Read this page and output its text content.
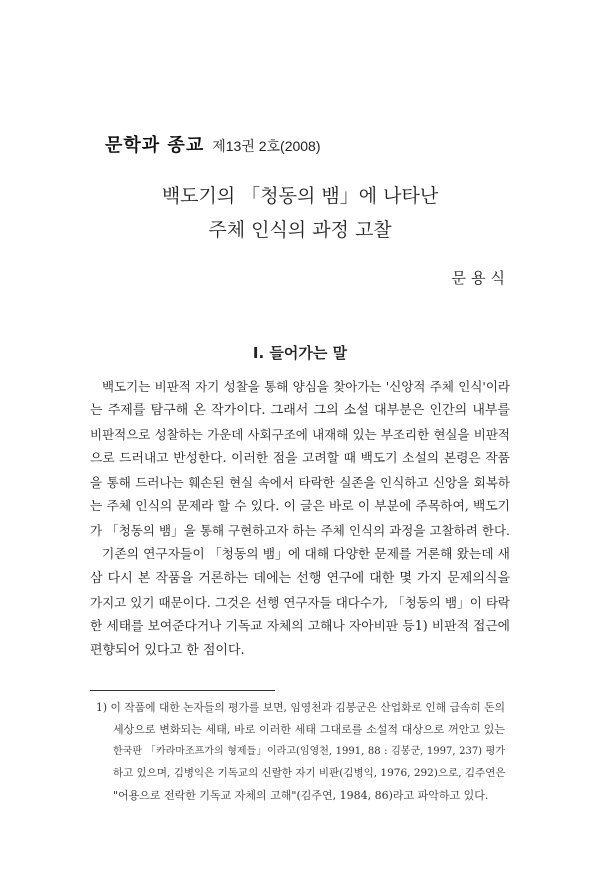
문학과 종교 제13권 2호(2008)
백도기의 「청동의 뱀」에 나타난
주체 인식의 과정 고찰
문용식
Ⅰ. 들어가는 말
백도기는 비판적 자기 성찰을 통해 양심을 찾아가는 '신앙적 주체 인식'이라
는 주제를 탐구해 온 작가이다. 그래서 그의 소설 대부분은 인간의 내부를
비판적으로 성찰하는 가운데 사회구조에 내재해 있는 부조리한 현실을 비판적
으로 드러내고 반성한다. 이러한 점을 고려할 때 백도기 소설의 본령은 작품
을 통해 드러나는 훼손된 현실 속에서 타락한 실존을 인식하고 신앙을 회복하
는 주체 인식의 문제라 할 수 있다. 이 글은 바로 이 부분에 주목하여, 백도기
가 「청동의 뱀」을 통해 구현하고자 하는 주체 인식의 과정을 고찰하려 한다.
기존의 연구자들이 「청동의 뱀」에 대해 다양한 문제를 거론해 왔는데 새
삼 다시 본 작품을 거론하는 데에는 선행 연구에 대한 몇 가지 문제의식을
가지고 있기 때문이다. 그것은 선행 연구자들 대다수가, 「청동의 뱀」이 타락
한 세태를 보여준다거나 기독교 자체의 고해나 자아비판 등1) 비판적 접근에
편향되어 있다고 한 점이다.
1) 이 작품에 대한 논자들의 평가를 보면, 임영천과 김봉군은 산업화로 인해 급속히 돈의
세상으로 변화되는 세태, 바로 이러한 세태 그대로를 소설적 대상으로 꺼안고 있는
한국판 「카라마조프가의 형제들」이라고(임영천, 1991, 88 : 김봉군, 1997, 237) 평가
하고 있으며, 김병익은 기독교의 신랄한 자기 비판(김병익, 1976, 292)으로, 김주연은
"어용으로 전락한 기독교 자체의 고해"(김주연, 1984, 86)라고 파악하고 있다.
